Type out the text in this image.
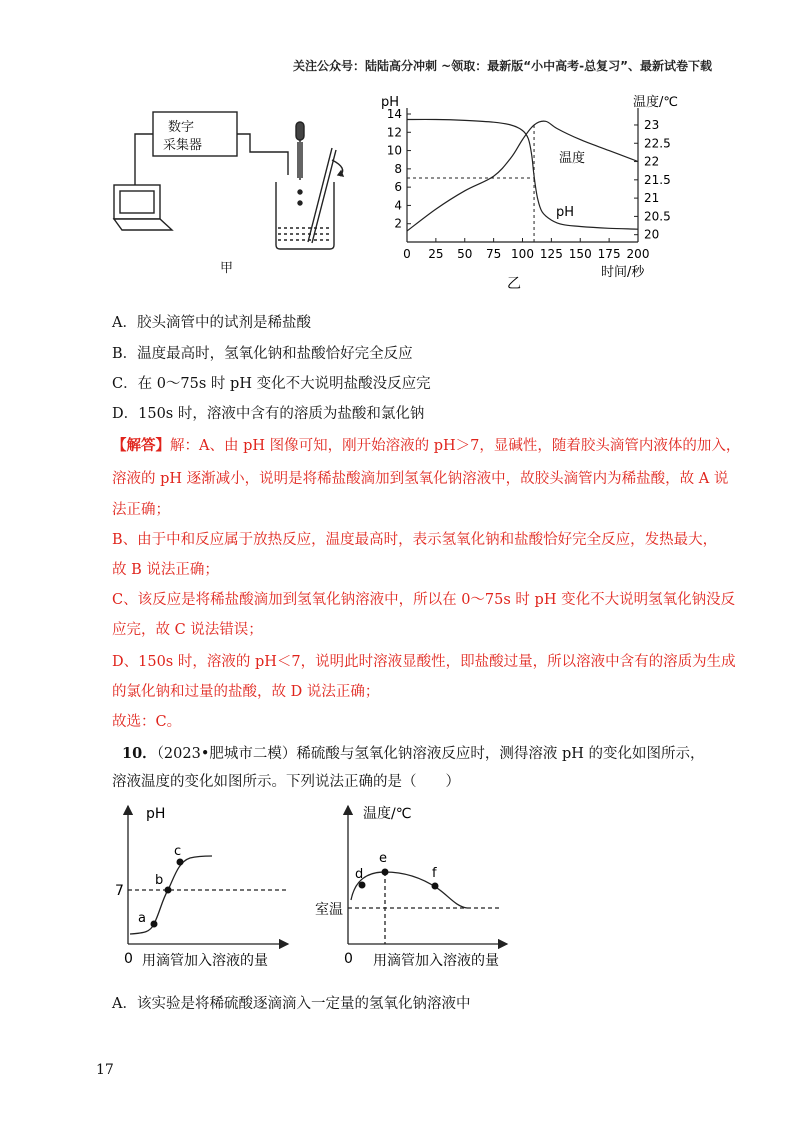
关注公众号：陆陆高分冲刺 ~领取：最新版“小中高考-总复习”、最新试卷下载
数字
采集器
甲
pH	温度/℃
时间/秒
乙
温度
pH
2
4
6
8
10
12
14
20
20.5
21
21.5
22
22.5
23
0 25 50 75 100 125 150 175 200
A．胶头滴管中的试剂是稀盐酸
B．温度最高时，氢氧化钠和盐酸恰好完全反应
C．在 0～75s 时 pH 变化不大说明盐酸没反应完
D．150s 时，溶液中含有的溶质为盐酸和氯化钠
【解答】解：A、由 pH 图像可知，刚开始溶液的 pH＞7，显碱性，随着胶头滴管内液体的加入，
溶液的 pH 逐渐减小，说明是将稀盐酸滴加到氢氧化钠溶液中，故胶头滴管内为稀盐酸，故 A 说
法正确；
B、由于中和反应属于放热反应，温度最高时，表示氢氧化钠和盐酸恰好完全反应，发热最大，
故 B 说法正确；
C、该反应是将稀盐酸滴加到氢氧化钠溶液中，所以在 0～75s 时 pH 变化不大说明氢氧化钠没反
应完，故 C 说法错误；
D、150s 时，溶液的 pH＜7，说明此时溶液显酸性，即盐酸过量，所以溶液中含有的溶质为生成
的氯化钠和过量的盐酸，故 D 说法正确；
故选：C。
10．（2023•肥城市二模）稀硫酸与氢氧化钠溶液反应时，测得溶液 pH 的变化如图所示，
溶液温度的变化如图所示。下列说法正确的是（　　）
pH
7
0 用滴管加入溶液的量
a
b
c
温度/℃
室温
0 用滴管加入溶液的量
d
e
f
A．该实验是将稀硫酸逐滴滴入一定量的氢氧化钠溶液中
17
